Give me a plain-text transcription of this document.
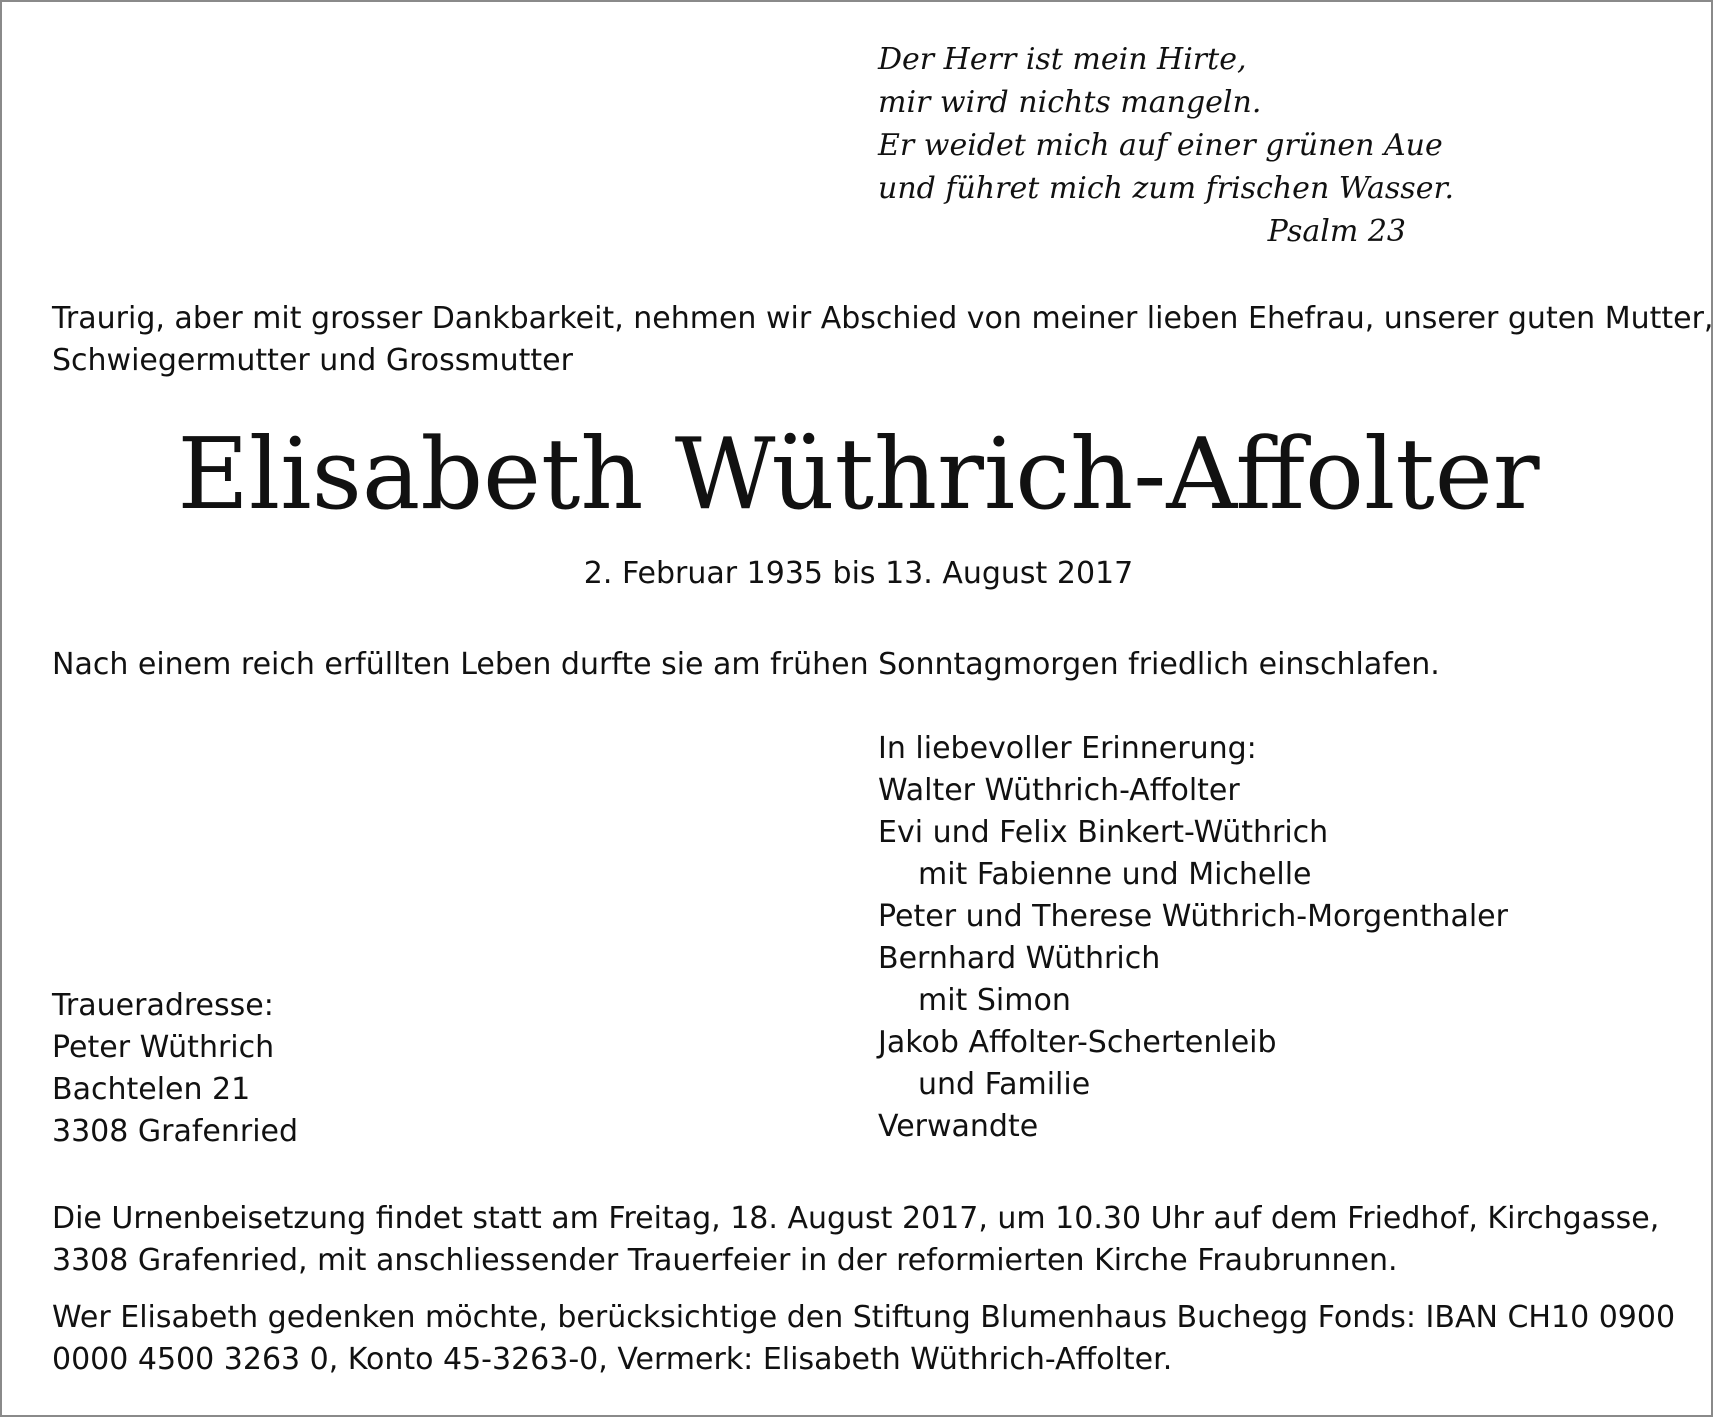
Der Herr ist mein Hirte,
mir wird nichts mangeln.
Er weidet mich auf einer grünen Aue
und führet mich zum frischen Wasser.
Psalm 23
Traurig, aber mit grosser Dankbarkeit, nehmen wir Abschied von meiner lieben Ehefrau, unserer guten Mutter,
Schwiegermutter und Grossmutter
Elisabeth Wüthrich-Affolter
2. Februar 1935 bis 13. August 2017
Nach einem reich erfüllten Leben durfte sie am frühen Sonntagmorgen friedlich einschlafen.
In liebevoller Erinnerung:
Walter Wüthrich-Affolter
Evi und Felix Binkert-Wüthrich
mit Fabienne und Michelle
Peter und Therese Wüthrich-Morgenthaler
Bernhard Wüthrich
mit Simon
Jakob Affolter-Schertenleib
und Familie
Verwandte
Traueradresse:
Peter Wüthrich
Bachtelen 21
3308 Grafenried
Die Urnenbeisetzung findet statt am Freitag, 18. August 2017, um 10.30 Uhr auf dem Friedhof, Kirchgasse,
3308 Grafenried, mit anschliessender Trauerfeier in der reformierten Kirche Fraubrunnen.
Wer Elisabeth gedenken möchte, berücksichtige den Stiftung Blumenhaus Buchegg Fonds: IBAN CH10 0900
0000 4500 3263 0, Konto 45-3263-0, Vermerk: Elisabeth Wüthrich-Affolter.
